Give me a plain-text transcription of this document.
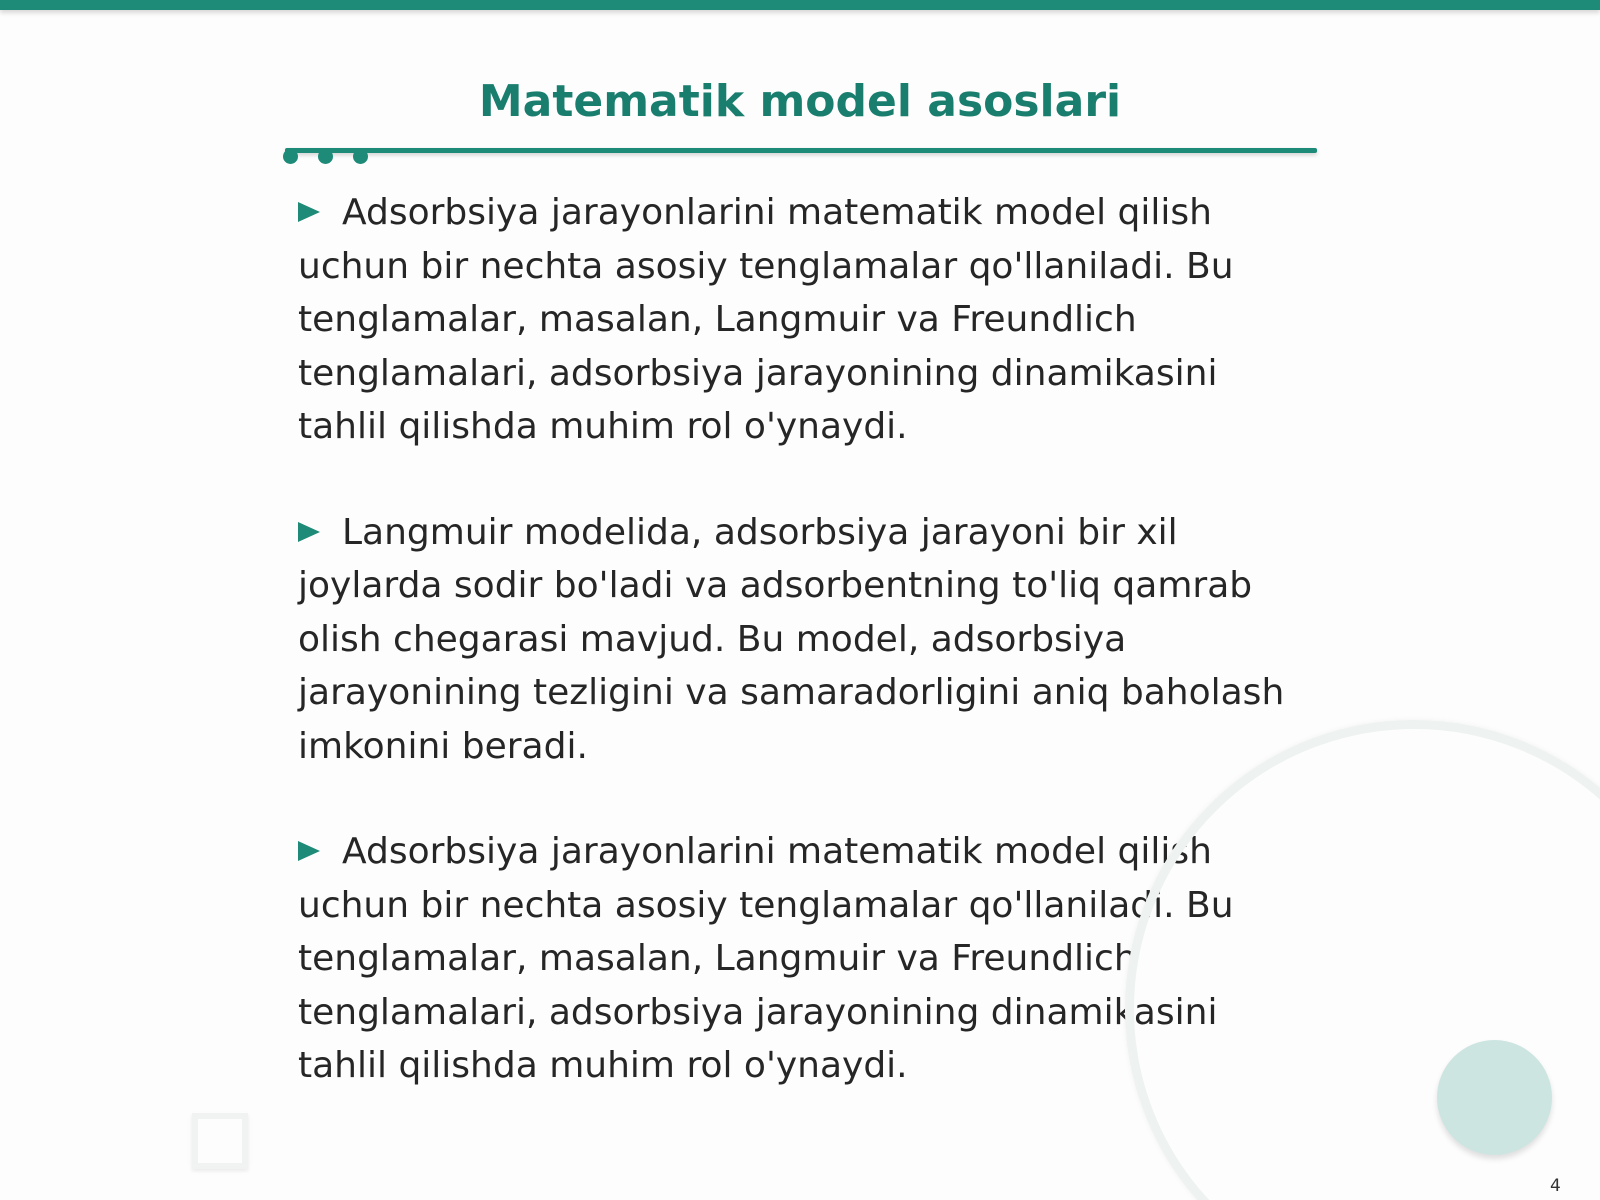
Matematik model asoslari

Adsorbsiya jarayonlarini matematik model qilish uchun bir nechta asosiy tenglamalar qo'llaniladi. Bu tenglamalar, masalan, Langmuir va Freundlich tenglamalari, adsorbsiya jarayonining dinamikasini tahlil qilishda muhim rol o'ynaydi.

Langmuir modelida, adsorbsiya jarayoni bir xil joylarda sodir bo'ladi va adsorbentning to'liq qamrab olish chegarasi mavjud. Bu model, adsorbsiya jarayonining tezligini va samaradorligini aniq baholash imkonini beradi.

Adsorbsiya jarayonlarini matematik model qilish uchun bir nechta asosiy tenglamalar qo'llaniladi. Bu tenglamalar, masalan, Langmuir va Freundlich tenglamalari, adsorbsiya jarayonining dinamikasini tahlil qilishda muhim rol o'ynaydi.

4
